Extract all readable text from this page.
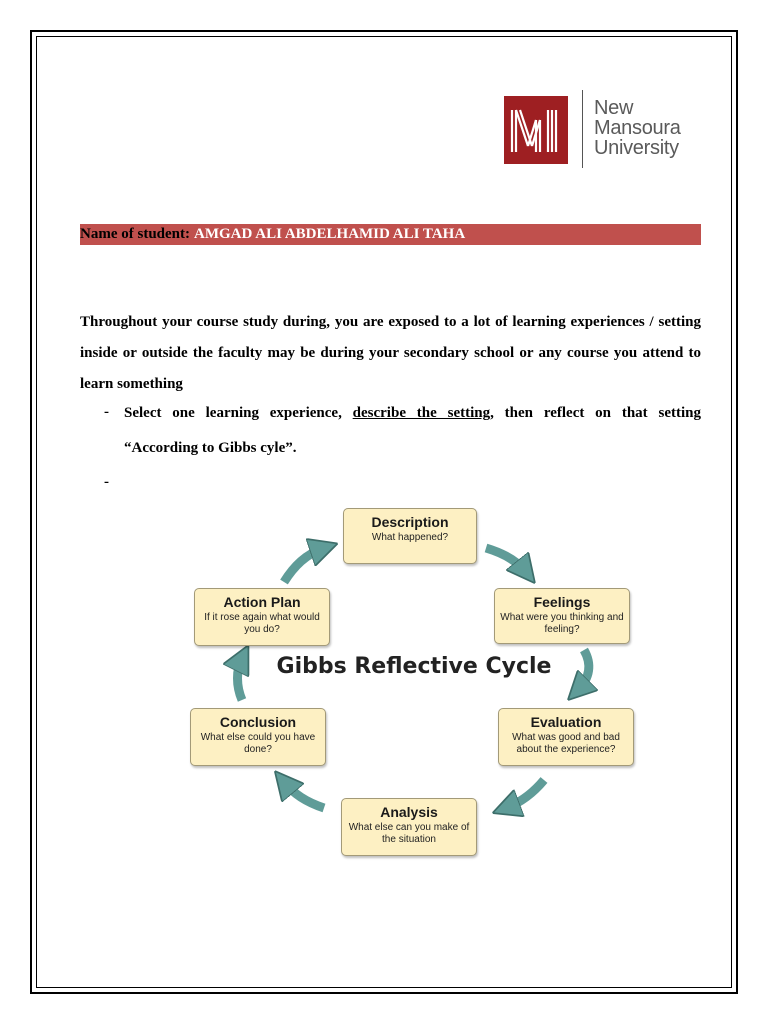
New
Mansoura
University
Name of student: AMGAD ALI ABDELHAMID ALI TAHA
Throughout your course study during, you are exposed to a lot of learning experiences / setting inside or outside the faculty may be during your secondary school or any course you attend to learn something
- Select one learning experience, describe the setting, then reflect on that setting “According to Gibbs cyle”.
-
Description
What happened?
Feelings
What were you thinking and feeling?
Evaluation
What was good and bad about the experience?
Analysis
What else can you make of the situation
Conclusion
What else could you have done?
Action Plan
If it rose again what would you do?
Gibbs Reflective Cycle
